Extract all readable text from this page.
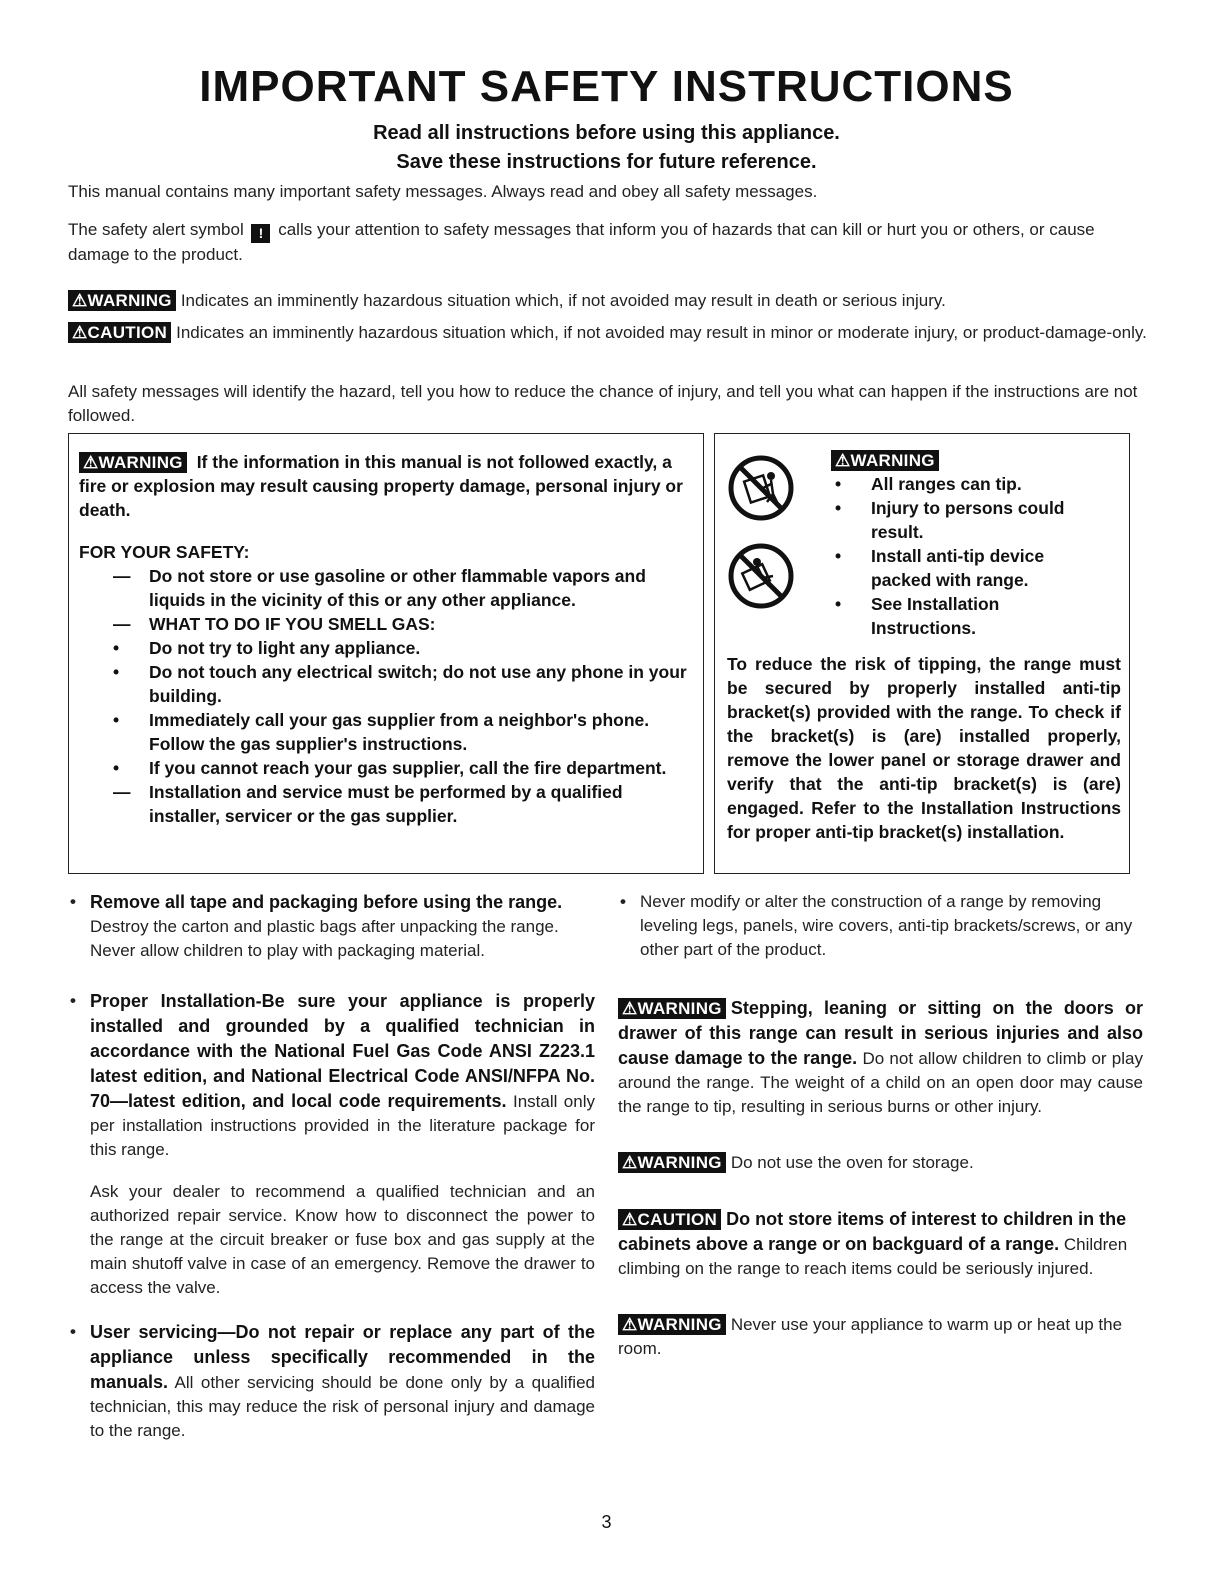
IMPORTANT SAFETY INSTRUCTIONS
Read all instructions before using this appliance.
Save these instructions for future reference.
This manual contains many important safety messages. Always read and obey all safety messages.
The safety alert symbol ! calls your attention to safety messages that inform you of hazards that can kill or hurt you or others, or cause damage to the product.
⚠WARNING Indicates an imminently hazardous situation which, if not avoided may result in death or serious injury.
⚠CAUTION Indicates an imminently hazardous situation which, if not avoided may result in minor or moderate injury, or product-damage-only.
All safety messages will identify the hazard, tell you how to reduce the chance of injury, and tell you what can happen if the instructions are not followed.
⚠WARNING If the information in this manual is not followed exactly, a fire or explosion may result causing property damage, personal injury or death.
FOR YOUR SAFETY:
— Do not store or use gasoline or other flammable vapors and liquids in the vicinity of this or any other appliance.
— WHAT TO DO IF YOU SMELL GAS:
• Do not try to light any appliance.
• Do not touch any electrical switch; do not use any phone in your building.
• Immediately call your gas supplier from a neighbor's phone. Follow the gas supplier's instructions.
• If you cannot reach your gas supplier, call the fire department.
— Installation and service must be performed by a qualified installer, servicer or the gas supplier.
⚠WARNING
• All ranges can tip.
• Injury to persons could result.
• Install anti-tip device packed with range.
• See Installation Instructions.
To reduce the risk of tipping, the range must be secured by properly installed anti-tip bracket(s) provided with the range. To check if the bracket(s) is (are) installed properly, remove the lower panel or storage drawer and verify that the anti-tip bracket(s) is (are) engaged. Refer to the Installation Instructions for proper anti-tip bracket(s) installation.
• Remove all tape and packaging before using the range. Destroy the carton and plastic bags after unpacking the range. Never allow children to play with packaging material.
• Proper Installation-Be sure your appliance is properly installed and grounded by a qualified technician in accordance with the National Fuel Gas Code ANSI Z223.1 latest edition, and National Electrical Code ANSI/NFPA No. 70—latest edition, and local code requirements. Install only per installation instructions provided in the literature package for this range.
Ask your dealer to recommend a qualified technician and an authorized repair service. Know how to disconnect the power to the range at the circuit breaker or fuse box and gas supply at the main shutoff valve in case of an emergency. Remove the drawer to access the valve.
• User servicing—Do not repair or replace any part of the appliance unless specifically recommended in the manuals. All other servicing should be done only by a qualified technician, this may reduce the risk of personal injury and damage to the range.
• Never modify or alter the construction of a range by removing leveling legs, panels, wire covers, anti-tip brackets/screws, or any other part of the product.
⚠WARNING Stepping, leaning or sitting on the doors or drawer of this range can result in serious injuries and also cause damage to the range. Do not allow children to climb or play around the range. The weight of a child on an open door may cause the range to tip, resulting in serious burns or other injury.
⚠WARNING Do not use the oven for storage.
⚠CAUTION Do not store items of interest to children in the cabinets above a range or on backguard of a range. Children climbing on the range to reach items could be seriously injured.
⚠WARNING Never use your appliance to warm up or heat up the room.
3
